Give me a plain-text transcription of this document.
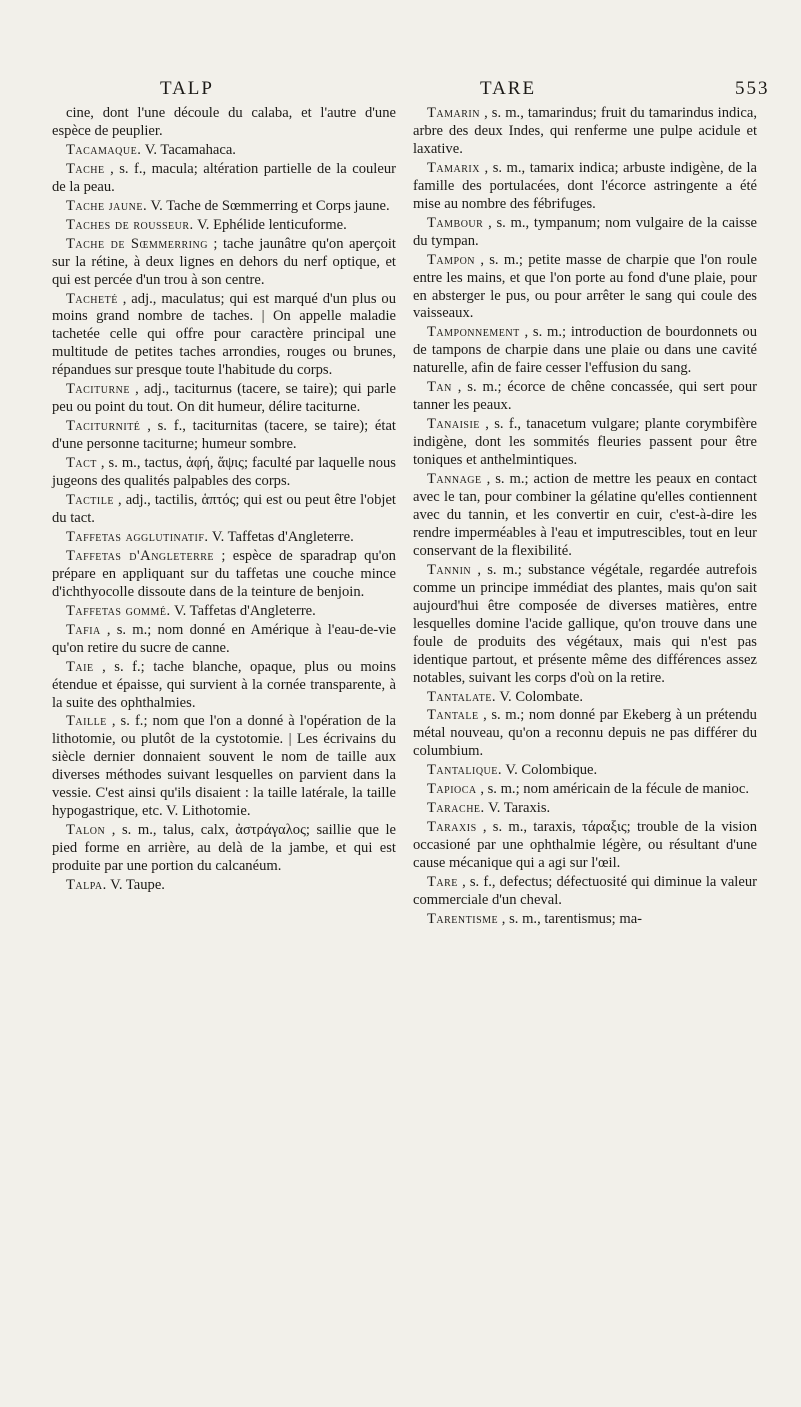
TALP	TARE	553

cine, dont l'une découle du calaba, et l'autre d'une espèce de peuplier.

Tacamaque. V. Tacamahaca.

Tache , s. f., macula; altération partielle de la couleur de la peau.

Tache jaune. V. Tache de Sœmmerring et Corps jaune.

Taches de rousseur. V. Ephélide lenticuforme.

Tache de Sœmmerring ; tache jaunâtre qu'on aperçoit sur la rétine, à deux lignes en dehors du nerf optique, et qui est percée d'un trou à son centre.

Tacheté , adj., maculatus; qui est marqué d'un plus ou moins grand nombre de taches. | On appelle maladie tachetée celle qui offre pour caractère principal une multitude de petites taches arrondies, rouges ou brunes, répandues sur presque toute l'habitude du corps.

Taciturne , adj., taciturnus (tacere, se taire); qui parle peu ou point du tout. On dit humeur, délire taciturne.

Taciturnité , s. f., taciturnitas (tacere, se taire); état d'une personne taciturne; humeur sombre.

Tact , s. m., tactus, ἁφή, ἅψις; faculté par laquelle nous jugeons des qualités palpables des corps.

Tactile , adj., tactilis, ἁπτός; qui est ou peut être l'objet du tact.

Taffetas agglutinatif. V. Taffetas d'Angleterre.

Taffetas d'Angleterre ; espèce de sparadrap qu'on prépare en appliquant sur du taffetas une couche mince d'ichthyocolle dissoute dans de la teinture de benjoin.

Taffetas gommé. V. Taffetas d'Angleterre.

Tafia , s. m.; nom donné en Amérique à l'eau-de-vie qu'on retire du sucre de canne.

Taie , s. f.; tache blanche, opaque, plus ou moins étendue et épaisse, qui survient à la cornée transparente, à la suite des ophthalmies.

Taille , s. f.; nom que l'on a donné à l'opération de la lithotomie, ou plutôt de la cystotomie. | Les écrivains du siècle dernier donnaient souvent le nom de taille aux diverses méthodes suivant lesquelles on parvient dans la vessie. C'est ainsi qu'ils disaient : la taille latérale, la taille hypogastrique, etc. V. Lithotomie.

Talon , s. m., talus, calx, ἀστράγαλος; saillie que le pied forme en arrière, au delà de la jambe, et qui est produite par une portion du calcanéum.

Talpa. V. Taupe.

Tamarin , s. m., tamarindus; fruit du tamarindus indica, arbre des deux Indes, qui renferme une pulpe acidule et laxative.

Tamarix , s. m., tamarix indica; arbuste indigène, de la famille des portulacées, dont l'écorce astringente a été mise au nombre des fébrifuges.

Tambour , s. m., tympanum; nom vulgaire de la caisse du tympan.

Tampon , s. m.; petite masse de charpie que l'on roule entre les mains, et que l'on porte au fond d'une plaie, pour en absterger le pus, ou pour arrêter le sang qui coule des vaisseaux.

Tamponnement , s. m.; introduction de bourdonnets ou de tampons de charpie dans une plaie ou dans une cavité naturelle, afin de faire cesser l'effusion du sang.

Tan , s. m.; écorce de chêne concassée, qui sert pour tanner les peaux.

Tanaisie , s. f., tanacetum vulgare; plante corymbifère indigène, dont les sommités fleuries passent pour être toniques et anthelmintiques.

Tannage , s. m.; action de mettre les peaux en contact avec le tan, pour combiner la gélatine qu'elles contiennent avec du tannin, et les convertir en cuir, c'est-à-dire les rendre imperméables à l'eau et imputrescibles, tout en leur conservant de la flexibilité.

Tannin , s. m.; substance végétale, regardée autrefois comme un principe immédiat des plantes, mais qu'on sait aujourd'hui être composée de diverses matières, entre lesquelles domine l'acide gallique, qu'on trouve dans une foule de produits des végétaux, mais qui n'est pas identique partout, et présente même des différences assez notables, suivant les corps d'où on la retire.

Tantalate. V. Colombate.

Tantale , s. m.; nom donné par Ekeberg à un prétendu métal nouveau, qu'on a reconnu depuis ne pas différer du columbium.

Tantalique. V. Colombique.

Tapioca , s. m.; nom américain de la fécule de manioc.

Tarache. V. Taraxis.

Taraxis , s. m., taraxis, τάραξις; trouble de la vision occasioné par une ophthalmie légère, ou résultant d'une cause mécanique qui a agi sur l'œil.

Tare , s. f., defectus; défectuosité qui diminue la valeur commerciale d'un cheval.

Tarentisme , s. m., tarentismus; ma-
